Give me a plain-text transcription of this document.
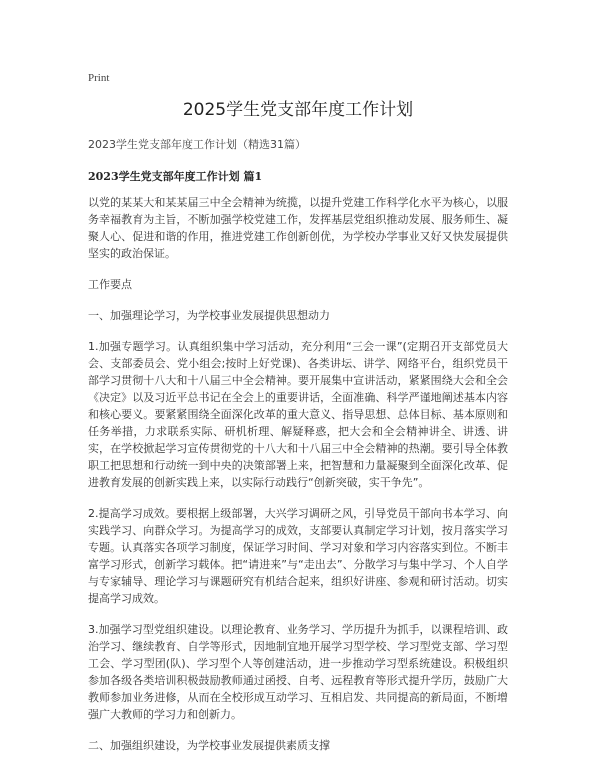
Print
2025学生党支部年度工作计划
2023学生党支部年度工作计划（精选31篇）
2023学生党支部年度工作计划 篇1

以党的某某大和某某届三中全会精神为统揽，以提升党建工作科学化水平为核心，以服务幸福教育为主旨，不断加强学校党建工作，发挥基层党组织推动发展、服务师生、凝聚人心、促进和谐的作用，推进党建工作创新创优，为学校办学事业又好又快发展提供坚实的政治保证。

工作要点

一、加强理论学习，为学校事业发展提供思想动力

1.加强专题学习。认真组织集中学习活动，充分利用“三会一课”(定期召开支部党员大会、支部委员会、党小组会;按时上好党课)、各类讲坛、讲学、网络平台，组织党员干部学习贯彻十八大和十八届三中全会精神。要开展集中宣讲活动，紧紧围绕大会和全会《决定》以及习近平总书记在全会上的重要讲话，全面准确、科学严谨地阐述基本内容和核心要义。要紧紧围绕全面深化改革的重大意义、指导思想、总体目标、基本原则和任务举措，力求联系实际、研机析理、解疑释惑，把大会和全会精神讲全、讲透、讲实，在学校掀起学习宣传贯彻党的十八大和十八届三中全会精神的热潮。要引导全体教职工把思想和行动统一到中央的决策部署上来，把智慧和力量凝聚到全面深化改革、促进教育发展的创新实践上来，以实际行动践行“创新突破，实干争先”。

2.提高学习成效。要根据上级部署，大兴学习调研之风，引导党员干部向书本学习、向实践学习、向群众学习。为提高学习的成效，支部要认真制定学习计划，按月落实学习专题。认真落实各项学习制度，保证学习时间、学习对象和学习内容落实到位。不断丰富学习形式，创新学习载体。把“请进来”与“走出去”、分散学习与集中学习、个人自学与专家辅导、理论学习与课题研究有机结合起来，组织好讲座、参观和研讨活动。切实提高学习成效。

3.加强学习型党组织建设。以理论教育、业务学习、学历提升为抓手，以课程培训、政治学习、继续教育、自学等形式，因地制宜地开展学习型学校、学习型党支部、学习型工会、学习型团(队)、学习型个人等创建活动，进一步推动学习型系统建设。积极组织参加各级各类培训积极鼓励教师通过函授、自考、远程教育等形式提升学历，鼓励广大教师参加业务进修，从而在全校形成互动学习、互相启发、共同提高的新局面，不断增强广大教师的学习力和创新力。

二、加强组织建设，为学校事业发展提供素质支撑
